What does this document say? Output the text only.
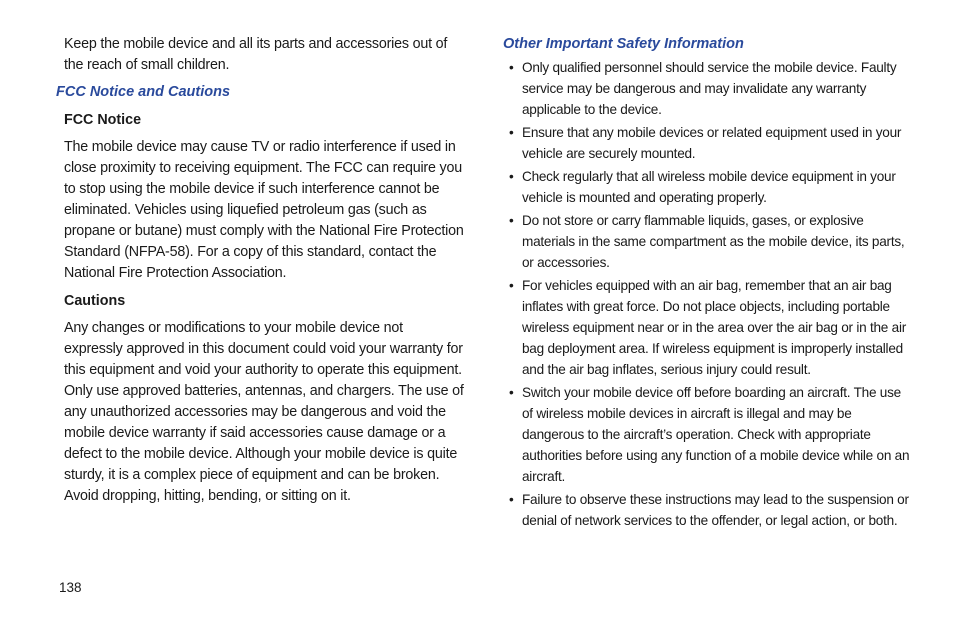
Keep the mobile device and all its parts and accessories out of the reach of small children.

FCC Notice and Cautions

FCC Notice

The mobile device may cause TV or radio interference if used in close proximity to receiving equipment. The FCC can require you to stop using the mobile device if such interference cannot be eliminated. Vehicles using liquefied petroleum gas (such as propane or butane) must comply with the National Fire Protection Standard (NFPA-58). For a copy of this standard, contact the National Fire Protection Association.

Cautions

Any changes or modifications to your mobile device not expressly approved in this document could void your warranty for this equipment and void your authority to operate this equipment. Only use approved batteries, antennas, and chargers. The use of any unauthorized accessories may be dangerous and void the mobile device warranty if said accessories cause damage or a defect to the mobile device. Although your mobile device is quite sturdy, it is a complex piece of equipment and can be broken. Avoid dropping, hitting, bending, or sitting on it.

Other Important Safety Information

• Only qualified personnel should service the mobile device. Faulty service may be dangerous and may invalidate any warranty applicable to the device.
• Ensure that any mobile devices or related equipment used in your vehicle are securely mounted.
• Check regularly that all wireless mobile device equipment in your vehicle is mounted and operating properly.
• Do not store or carry flammable liquids, gases, or explosive materials in the same compartment as the mobile device, its parts, or accessories.
• For vehicles equipped with an air bag, remember that an air bag inflates with great force. Do not place objects, including portable wireless equipment near or in the area over the air bag or in the air bag deployment area. If wireless equipment is improperly installed and the air bag inflates, serious injury could result.
• Switch your mobile device off before boarding an aircraft. The use of wireless mobile devices in aircraft is illegal and may be dangerous to the aircraft’s operation. Check with appropriate authorities before using any function of a mobile device while on an aircraft.
• Failure to observe these instructions may lead to the suspension or denial of network services to the offender, or legal action, or both.
138
